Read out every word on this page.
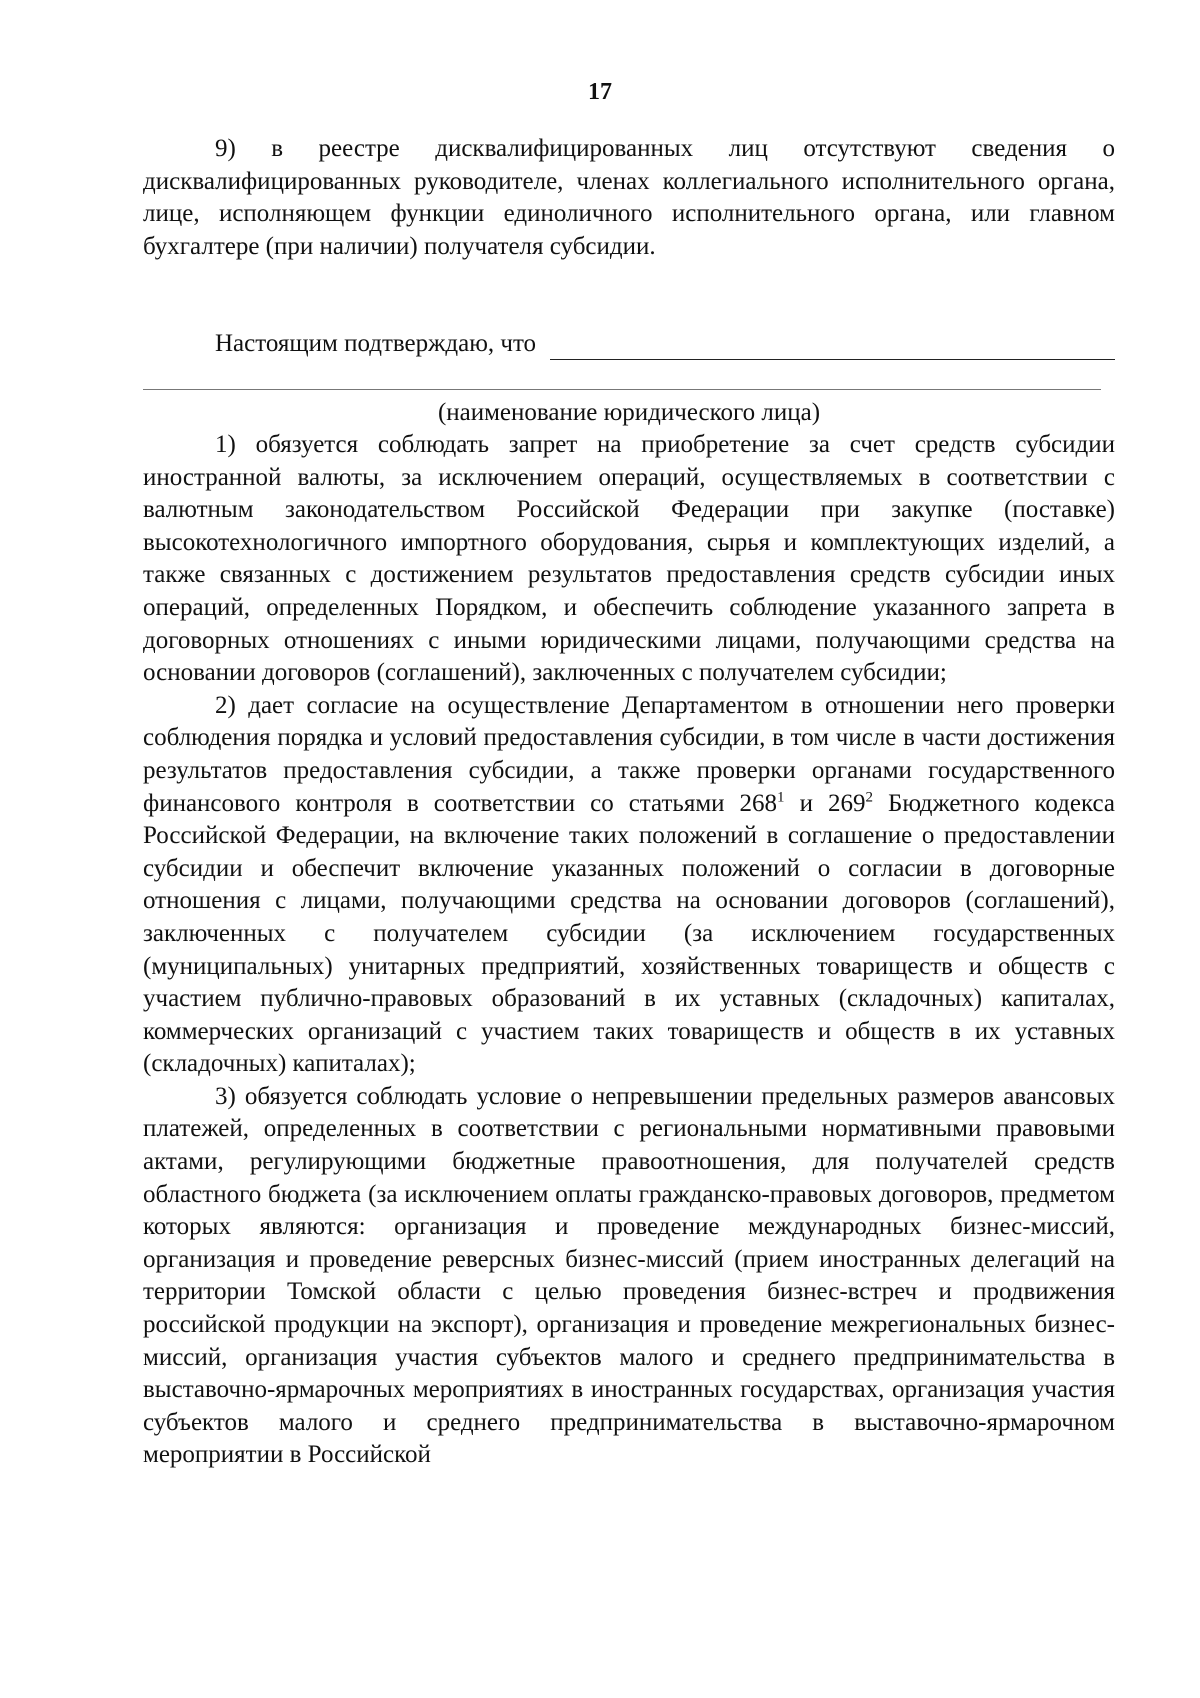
17

9) в реестре дисквалифицированных лиц отсутствуют сведения о дисквалифицированных руководителе, членах коллегиального исполнительного органа, лице, исполняющем функции единоличного исполнительного органа, или главном бухгалтере (при наличии) получателя субсидии.

Настоящим подтверждаю, что
(наименование юридического лица)

1) обязуется соблюдать запрет на приобретение за счет средств субсидии иностранной валюты, за исключением операций, осуществляемых в соответствии с валютным законодательством Российской Федерации при закупке (поставке) высокотехнологичного импортного оборудования, сырья и комплектующих изделий, а также связанных с достижением результатов предоставления средств субсидии иных операций, определенных Порядком, и обеспечить соблюдение указанного запрета в договорных отношениях с иными юридическими лицами, получающими средства на основании договоров (соглашений), заключенных с получателем субсидии;

2) дает согласие на осуществление Департаментом в отношении него проверки соблюдения порядка и условий предоставления субсидии, в том числе в части достижения результатов предоставления субсидии, а также проверки органами государственного финансового контроля в соответствии со статьями $268^1$ и $269^2$ Бюджетного кодекса Российской Федерации, на включение таких положений в соглашение о предоставлении субсидии и обеспечит включение указанных положений о согласии в договорные отношения с лицами, получающими средства на основании договоров (соглашений), заключенных с получателем субсидии (за исключением государственных (муниципальных) унитарных предприятий, хозяйственных товариществ и обществ с участием публично-правовых образований в их уставных (складочных) капиталах, коммерческих организаций с участием таких товариществ и обществ в их уставных (складочных) капиталах);

3) обязуется соблюдать условие о непревышении предельных размеров авансовых платежей, определенных в соответствии с региональными нормативными правовыми актами, регулирующими бюджетные правоотношения, для получателей средств областного бюджета (за исключением оплаты гражданско-правовых договоров, предметом которых являются: организация и проведение международных бизнес-миссий, организация и проведение реверсных бизнес-миссий (прием иностранных делегаций на территории Томской области с целью проведения бизнес-встреч и продвижения российской продукции на экспорт), организация и проведение межрегиональных бизнес-миссий, организация участия субъектов малого и среднего предпринимательства в выставочно-ярмарочных мероприятиях в иностранных государствах, организация участия субъектов малого и среднего предпринимательства в выставочно-ярмарочном мероприятии в Российской
